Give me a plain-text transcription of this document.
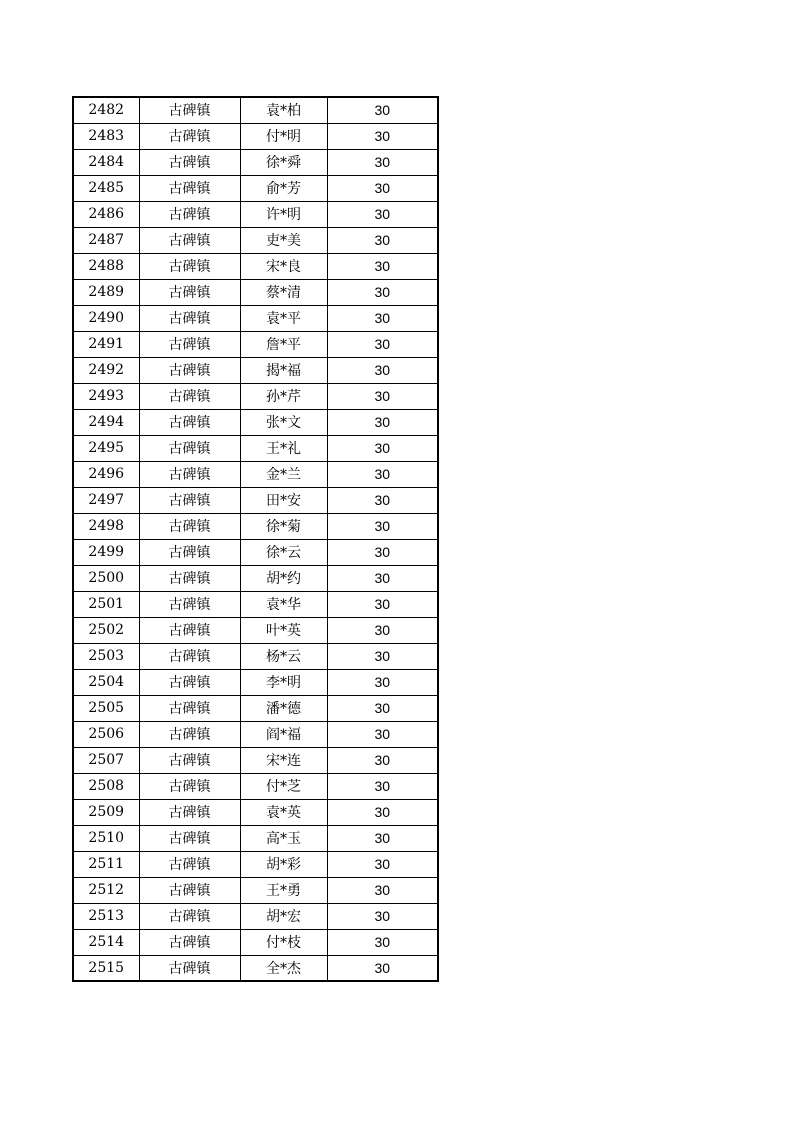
2482	古碑镇	袁*柏	30
2483	古碑镇	付*明	30
2484	古碑镇	徐*舜	30
2485	古碑镇	俞*芳	30
2486	古碑镇	许*明	30
2487	古碑镇	吏*美	30
2488	古碑镇	宋*良	30
2489	古碑镇	蔡*清	30
2490	古碑镇	袁*平	30
2491	古碑镇	詹*平	30
2492	古碑镇	揭*福	30
2493	古碑镇	孙*芹	30
2494	古碑镇	张*文	30
2495	古碑镇	王*礼	30
2496	古碑镇	金*兰	30
2497	古碑镇	田*安	30
2498	古碑镇	徐*菊	30
2499	古碑镇	徐*云	30
2500	古碑镇	胡*约	30
2501	古碑镇	袁*华	30
2502	古碑镇	叶*英	30
2503	古碑镇	杨*云	30
2504	古碑镇	李*明	30
2505	古碑镇	潘*德	30
2506	古碑镇	阎*福	30
2507	古碑镇	宋*连	30
2508	古碑镇	付*芝	30
2509	古碑镇	袁*英	30
2510	古碑镇	高*玉	30
2511	古碑镇	胡*彩	30
2512	古碑镇	王*勇	30
2513	古碑镇	胡*宏	30
2514	古碑镇	付*枝	30
2515	古碑镇	全*杰	30
